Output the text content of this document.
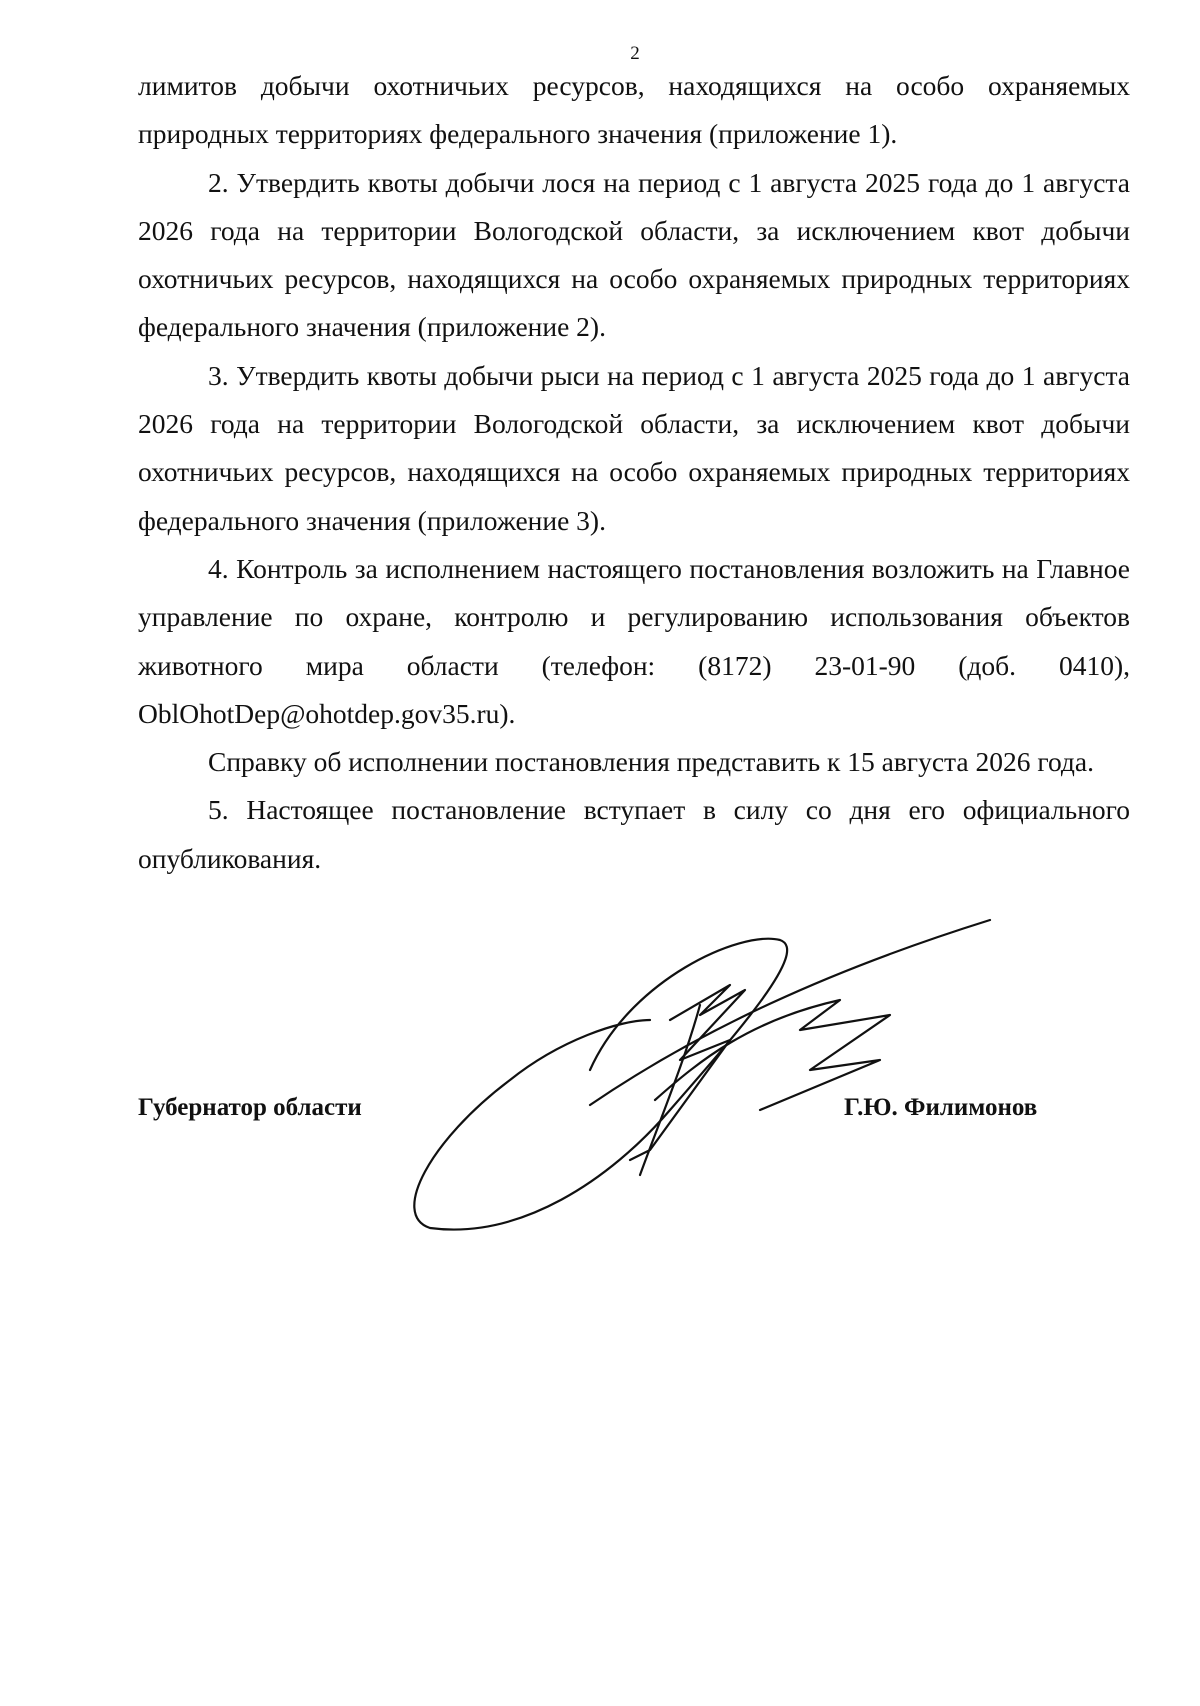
2

лимитов добычи охотничьих ресурсов, находящихся на особо охраняемых природных территориях федерального значения (приложение 1).

2. Утвердить квоты добычи лося на период с 1 августа 2025 года до 1 августа 2026 года на территории Вологодской области, за исключением квот добычи охотничьих ресурсов, находящихся на особо охраняемых природных территориях федерального значения (приложение 2).

3. Утвердить квоты добычи рыси на период с 1 августа 2025 года до 1 августа 2026 года на территории Вологодской области, за исключением квот добычи охотничьих ресурсов, находящихся на особо охраняемых природных территориях федерального значения (приложение 3).

4. Контроль за исполнением настоящего постановления возложить на Главное управление по охране, контролю и регулированию использования объектов животного мира области (телефон: (8172) 23-01-90 (доб. 0410), OblOhotDep@ohotdep.gov35.ru).

Справку об исполнении постановления представить к 15 августа 2026 года.

5. Настоящее постановление вступает в силу со дня его официального опубликования.

Губернатор области	Г.Ю. Филимонов
